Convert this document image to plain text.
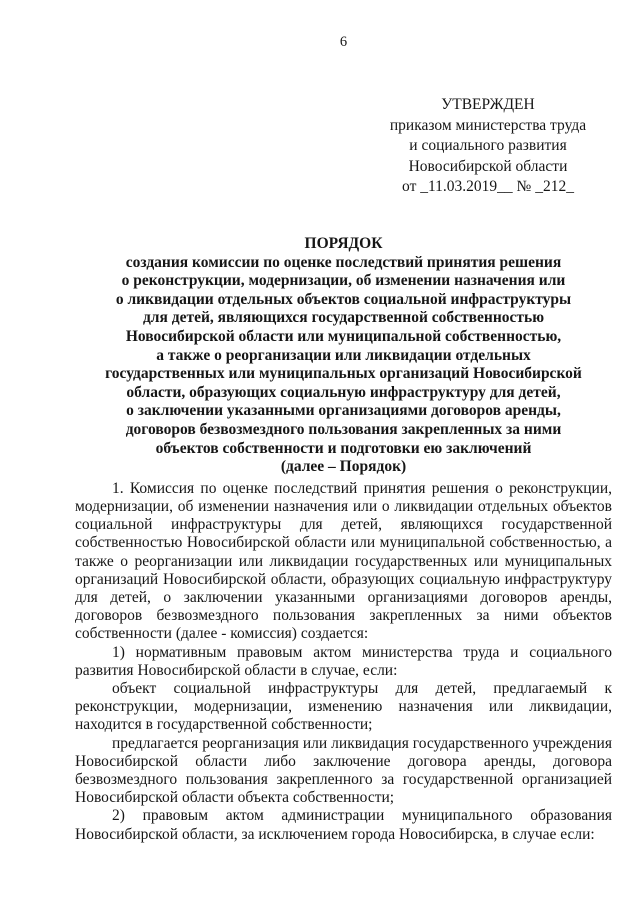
6
УТВЕРЖДЕН
приказом министерства труда
и социального развития
Новосибирской области
от _11.03.2019__ № _212_
ПОРЯДОК
создания комиссии по оценке последствий принятия решения
о реконструкции, модернизации, об изменении назначения или
о ликвидации отдельных объектов социальной инфраструктуры
для детей, являющихся государственной собственностью
Новосибирской области или муниципальной собственностью,
а также о реорганизации или ликвидации отдельных
государственных или муниципальных организаций Новосибирской
области, образующих социальную инфраструктуру для детей,
о заключении указанными организациями договоров аренды,
договоров безвозмездного пользования закрепленных за ними
объектов собственности и подготовки ею заключений
(далее – Порядок)

1. Комиссия по оценке последствий принятия решения о реконструкции, модернизации, об изменении назначения или о ликвидации отдельных объектов социальной инфраструктуры для детей, являющихся государственной собственностью Новосибирской области или муниципальной собственностью, а также о реорганизации или ликвидации государственных или муниципальных организаций Новосибирской области, образующих социальную инфраструктуру для детей, о заключении указанными организациями договоров аренды, договоров безвозмездного пользования закрепленных за ними объектов собственности (далее - комиссия) создается:

1) нормативным правовым актом министерства труда и социального развития Новосибирской области в случае, если:

объект социальной инфраструктуры для детей, предлагаемый к реконструкции, модернизации, изменению назначения или ликвидации, находится в государственной собственности;

предлагается реорганизация или ликвидация государственного учреждения Новосибирской области либо заключение договора аренды, договора безвозмездного пользования закрепленного за государственной организацией Новосибирской области объекта собственности;

2) правовым актом администрации муниципального образования Новосибирской области, за исключением города Новосибирска, в случае если:
